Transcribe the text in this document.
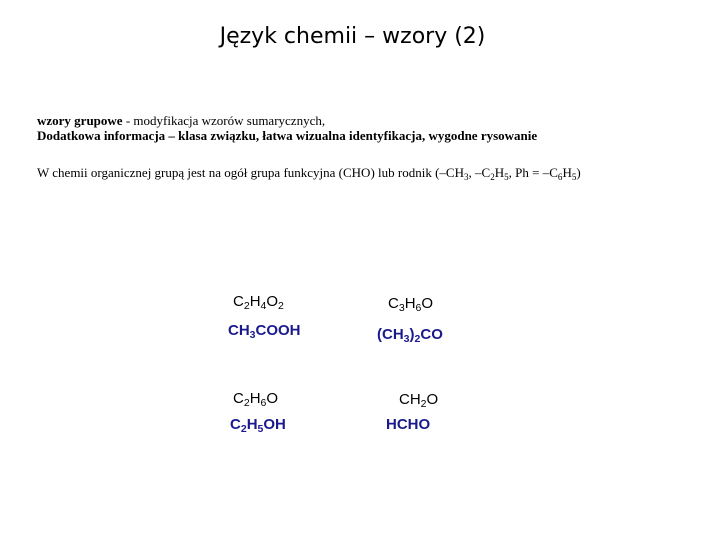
Język chemii – wzory (2)
wzory grupowe - modyfikacja wzorów sumarycznych,
Dodatkowa informacja – klasa związku, łatwa wizualna identyfikacja, wygodne rysowanie
W chemii organicznej grupą jest na ogół grupa funkcyjna (CHO) lub rodnik ($-CH_3$, $-C_2H_5$, $Ph = -C_6H_5$)
$C_2H_4O_2$
$CH_3COOH$
$C_3H_6O$
$(CH_3)_2CO$
$C_2H_6O$
$C_2H_5OH$
$CH_2O$
HCHO
